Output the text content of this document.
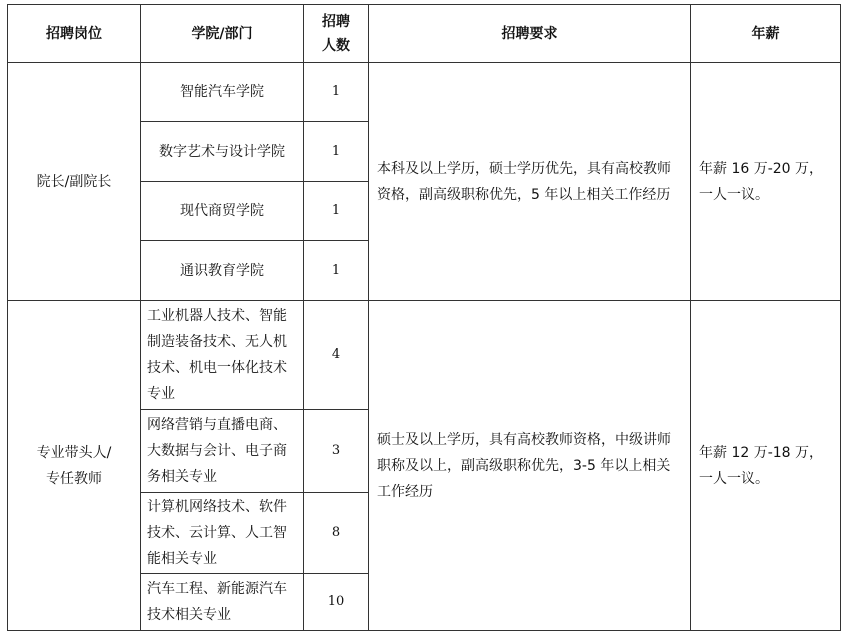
招聘岗位	学院/部门	招聘
人数	招聘要求	年薪
院长/副院长	智能汽车学院	1	本科及以上学历，硕士学历优先，具有高校教师资格，副高级职称优先，5 年以上相关工作经历	年薪 16 万-20 万，一人一议。
	数字艺术与设计学院	1		
	现代商贸学院	1		
	通识教育学院	1		
专业带头人/专任教师	工业机器人技术、智能制造装备技术、无人机技术、机电一体化技术专业	4	硕士及以上学历，具有高校教师资格，中级讲师职称及以上，副高级职称优先，3-5 年以上相关工作经历	年薪 12 万-18 万，一人一议。
	网络营销与直播电商、大数据与会计、电子商务相关专业	3		
	计算机网络技术、软件技术、云计算、人工智能相关专业	8		
	汽车工程、新能源汽车技术相关专业	10		
